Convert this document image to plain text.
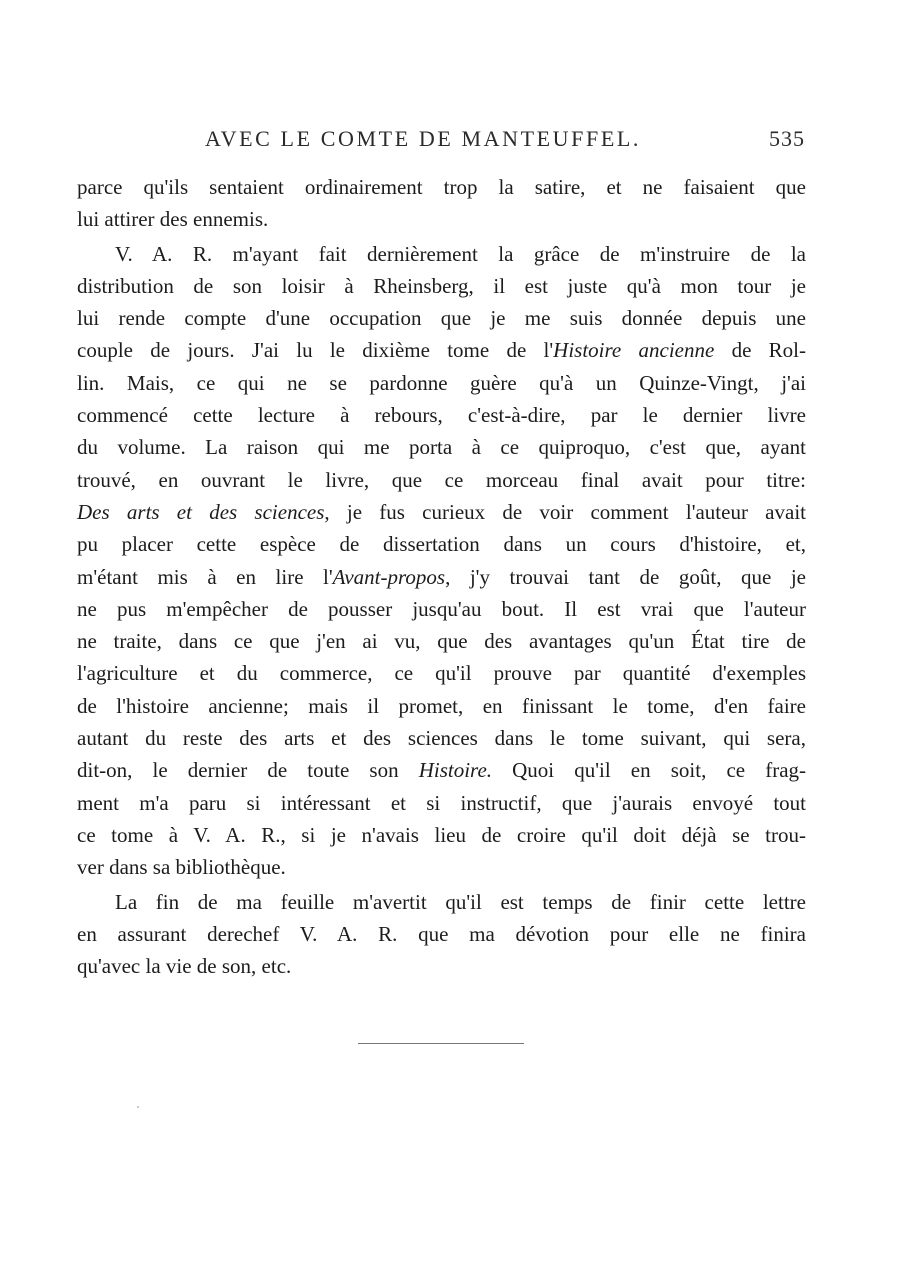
AVEC LE COMTE DE MANTEUFFEL.	535

parce qu'ils sentaient ordinairement trop la satire, et ne faisaient que
lui attirer des ennemis.

V. A. R. m'ayant fait dernièrement la grâce de m'instruire de la
distribution de son loisir à Rheinsberg, il est juste qu'à mon tour je
lui rende compte d'une occupation que je me suis donnée depuis une
couple de jours. J'ai lu le dixième tome de l'Histoire ancienne de Rol-
lin. Mais, ce qui ne se pardonne guère qu'à un Quinze-Vingt, j'ai
commencé cette lecture à rebours, c'est-à-dire, par le dernier livre
du volume. La raison qui me porta à ce quiproquo, c'est que, ayant
trouvé, en ouvrant le livre, que ce morceau final avait pour titre:
Des arts et des sciences, je fus curieux de voir comment l'auteur avait
pu placer cette espèce de dissertation dans un cours d'histoire, et,
m'étant mis à en lire l'Avant-propos, j'y trouvai tant de goût, que je
ne pus m'empêcher de pousser jusqu'au bout. Il est vrai que l'auteur
ne traite, dans ce que j'en ai vu, que des avantages qu'un État tire de
l'agriculture et du commerce, ce qu'il prouve par quantité d'exemples
de l'histoire ancienne; mais il promet, en finissant le tome, d'en faire
autant du reste des arts et des sciences dans le tome suivant, qui sera,
dit-on, le dernier de toute son Histoire. Quoi qu'il en soit, ce frag-
ment m'a paru si intéressant et si instructif, que j'aurais envoyé tout
ce tome à V. A. R., si je n'avais lieu de croire qu'il doit déjà se trou-
ver dans sa bibliothèque.

La fin de ma feuille m'avertit qu'il est temps de finir cette lettre
en assurant derechef V. A. R. que ma dévotion pour elle ne finira
qu'avec la vie de son, etc.
